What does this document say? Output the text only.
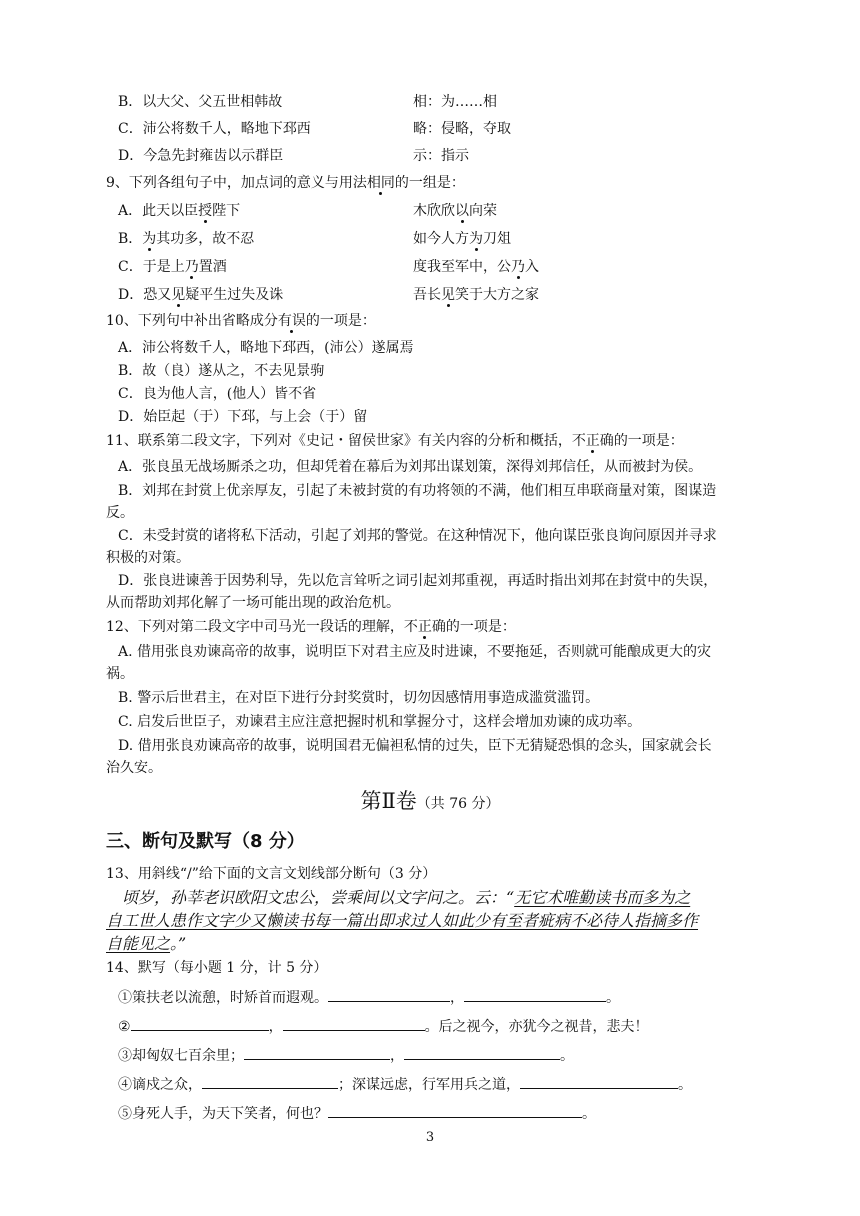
B．以大父、父五世相韩故	相：为……相
C．沛公将数千人，略地下邳西	略：侵略，夺取
D．今急先封雍齿以示群臣	示：指示
9、下列各组句子中，加点词的意义与用法相同的一组是：
A．此天以臣授陛下	木欣欣以向荣
B．为其功多，故不忍	如今人方为刀俎
C．于是上乃置酒	度我至军中，公乃入
D．恐又见疑平生过失及诛	吾长见笑于大方之家
10、下列句中补出省略成分有误的一项是：
A．沛公将数千人，略地下邳西，(沛公）遂属焉
B．故（良）遂从之，不去见景驹
C．良为他人言，(他人）皆不省
D．始臣起（于）下邳，与上会（于）留
11、联系第二段文字，下列对《史记・留侯世家》有关内容的分析和概括，不正确的一项是：
A．张良虽无战场厮杀之功，但却凭着在幕后为刘邦出谋划策，深得刘邦信任，从而被封为侯。
B．刘邦在封赏上优亲厚友，引起了未被封赏的有功将领的不满，他们相互串联商量对策，图谋造
反。
C．未受封赏的诸将私下活动，引起了刘邦的警觉。在这种情况下，他向谋臣张良询问原因并寻求
积极的对策。
D．张良进谏善于因势利导，先以危言耸听之词引起刘邦重视，再适时指出刘邦在封赏中的失误，
从而帮助刘邦化解了一场可能出现的政治危机。
12、下列对第二段文字中司马光一段话的理解，不正确的一项是：
A. 借用张良劝谏高帝的故事，说明臣下对君主应及时进谏，不要拖延，否则就可能酿成更大的灾
祸。
B. 警示后世君主，在对臣下进行分封奖赏时，切勿因感情用事造成滥赏滥罚。
C. 启发后世臣子，劝谏君主应注意把握时机和掌握分寸，这样会增加劝谏的成功率。
D. 借用张良劝谏高帝的故事，说明国君无偏袒私情的过失，臣下无猜疑恐惧的念头，国家就会长
治久安。
第Ⅱ卷（共 76 分）
三、断句及默写（8 分）
13、用斜线“/”给下面的文言文划线部分断句（3 分）
顷岁，孙莘老识欧阳文忠公，尝乘间以文字问之。云：“无它术唯勤读书而多为之
自工世人患作文字少又懒读书每一篇出即求过人如此少有至者疵病不必待人指摘多作
自能见之。”
14、默写（每小题 1 分，计 5 分）
①策扶老以流憩，时矫首而遐观。	，	。
②	，	。后之视今，亦犹今之视昔，悲夫！
③却匈奴七百余里；	，	。
④谪戍之众，	；深谋远虑，行军用兵之道，	。
⑤身死人手，为天下笑者，何也？	。
3
